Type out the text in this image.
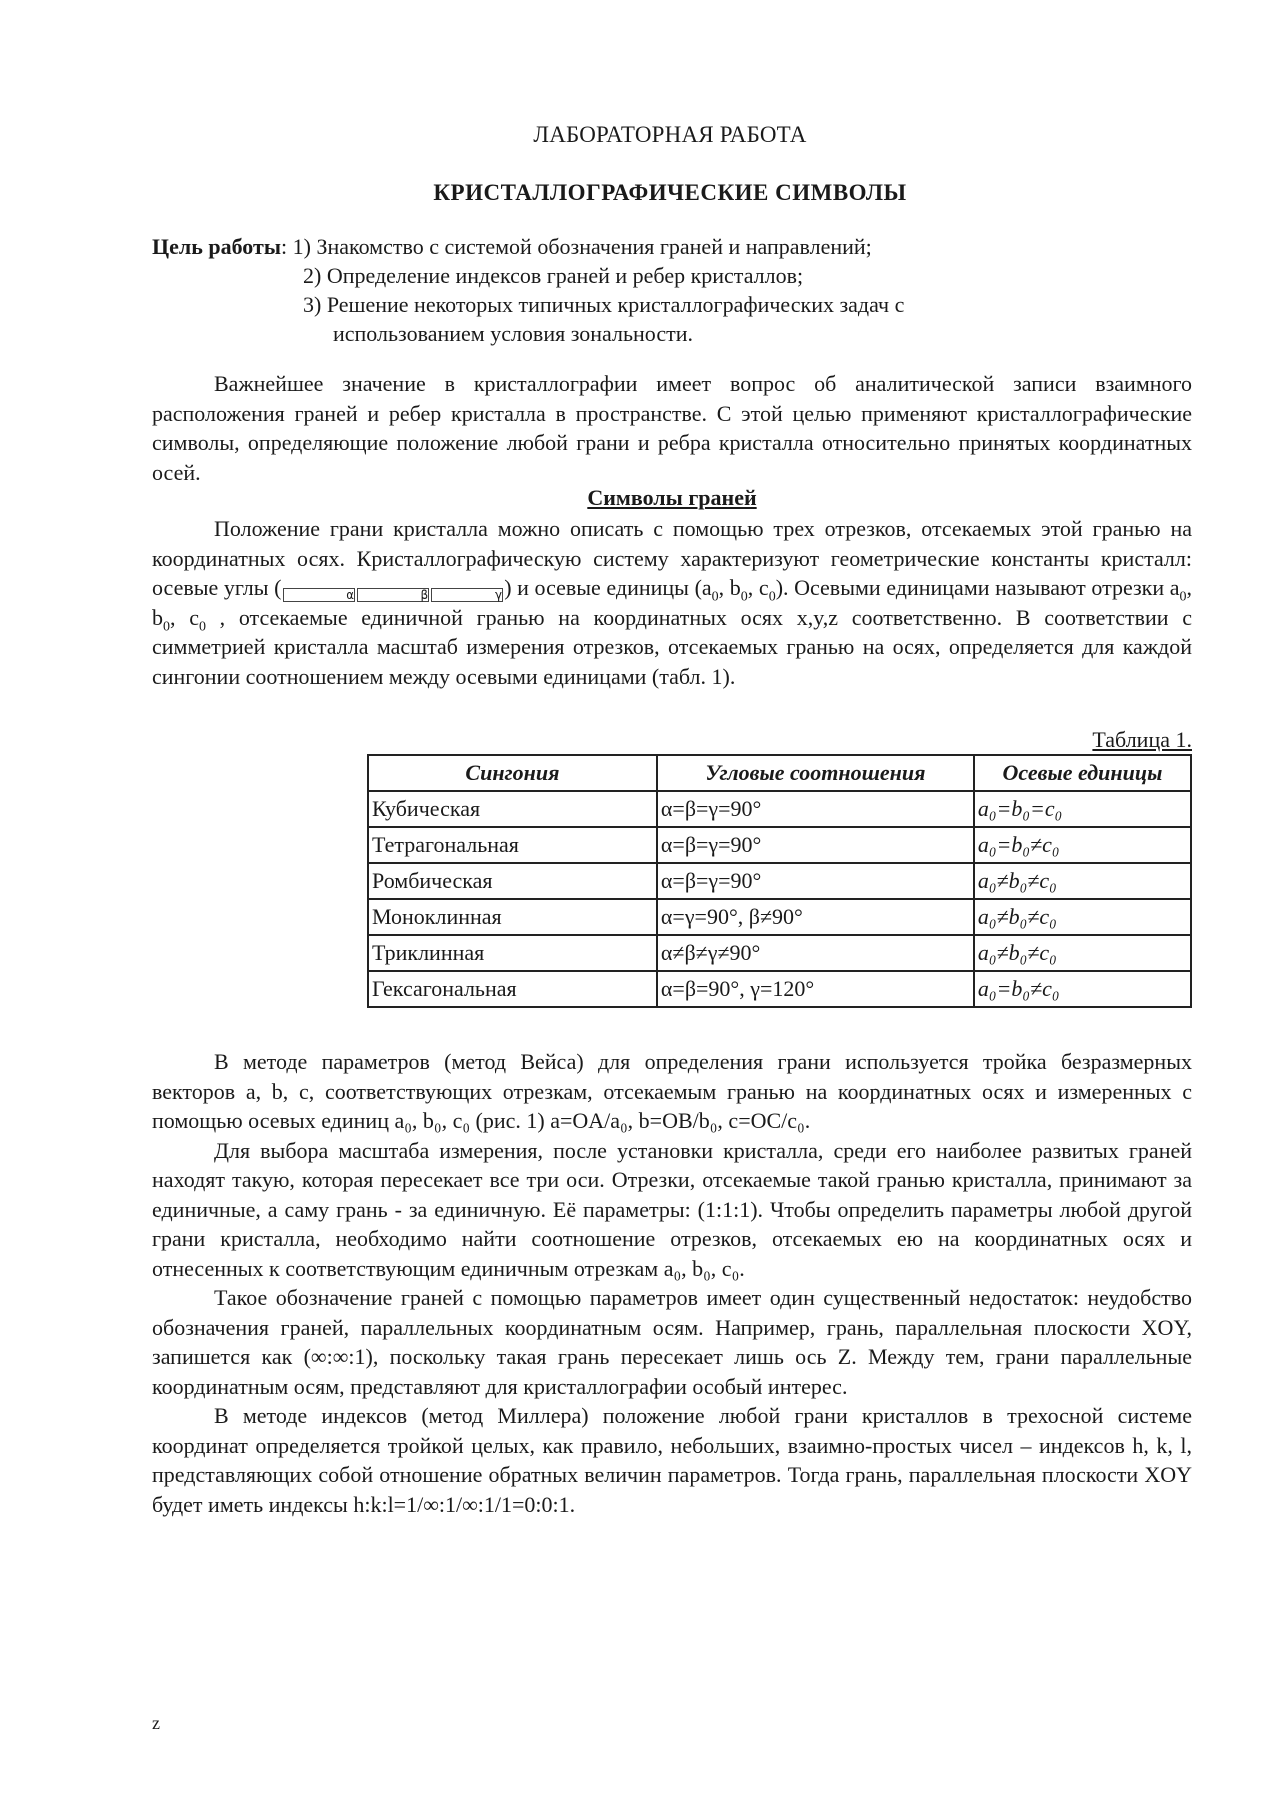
ЛАБОРАТОРНАЯ РАБОТА
КРИСТАЛЛОГРАФИЧЕСКИЕ СИМВОЛЫ
Цель работы: 1) Знакомство с системой обозначения граней и направлений;
2) Определение индексов граней и ребер кристаллов;
3) Решение некоторых типичных кристаллографических задач с
использованием условия зональности.

Важнейшее значение в кристаллографии имеет вопрос об аналитической записи взаимного расположения граней и ребер кристалла в пространстве. С этой целью применяют кристаллографические символы, определяющие положение любой грани и ребра кристалла относительно принятых координатных осей.

Символы граней

Положение грани кристалла можно описать с помощью трех отрезков, отсекаемых этой гранью на координатных осях. Кристаллографическую систему характеризуют геометрические константы кристалл: осевые углы (	α	β	γ ) и осевые единицы ($a_0$, $b_0$, $c_0$). Осевыми единицами называют отрезки $a_0$, $b_0$, $c_0$ , отсекаемые единичной гранью на координатных осях x,y,z соответственно. В соответствии с симметрией кристалла масштаб измерения отрезков, отсекаемых гранью на осях, определяется для каждой сингонии соотношением между осевыми единицами (табл. 1).

Таблица 1.
Сингония	Угловые соотношения	Осевые единицы
Кубическая	α=β=γ=90°	a₀=b₀=c₀
Тетрагональная	α=β=γ=90°	a₀=b₀≠c₀
Ромбическая	α=β=γ=90°	a₀≠b₀≠c₀
Моноклинная	α=γ=90°, β≠90°	a₀≠b₀≠c₀
Триклинная	α≠β≠γ≠90°	a₀≠b₀≠c₀
Гексагональная	α=β=90°, γ=120°	a₀=b₀≠c₀

В методе параметров (метод Вейса) для определения грани используется тройка безразмерных векторов a, b, c, соответствующих отрезкам, отсекаемым гранью на координатных осях и измеренных с помощью осевых единиц a₀, b₀, c₀ (рис. 1) a=OA/a₀, b=OB/b₀, c=OC/c₀.

Для выбора масштаба измерения, после установки кристалла, среди его наиболее развитых граней находят такую, которая пересекает все три оси. Отрезки, отсекаемые такой гранью кристалла, принимают за единичные, а саму грань - за единичную. Её параметры: (1:1:1). Чтобы определить параметры любой другой грани кристалла, необходимо найти соотношение отрезков, отсекаемых ею на координатных осях и отнесенных к соответствующим единичным отрезкам a₀, b₀, c₀.

Такое обозначение граней с помощью параметров имеет один существенный недостаток: неудобство обозначения граней, параллельных координатным осям. Например, грань, параллельная плоскости XOY, запишется как (∞:∞:1), поскольку такая грань пересекает лишь ось Z. Между тем, грани параллельные координатным осям, представляют для кристаллографии особый интерес.

В методе индексов (метод Миллера) положение любой грани кристаллов в трехосной системе координат определяется тройкой целых, как правило, небольших, взаимно-простых чисел – индексов h, k, l, представляющих собой отношение обратных величин параметров. Тогда грань, параллельная плоскости XOY будет иметь индексы h:k:l=1/∞:1/∞:1/1=0:0:1.

z
